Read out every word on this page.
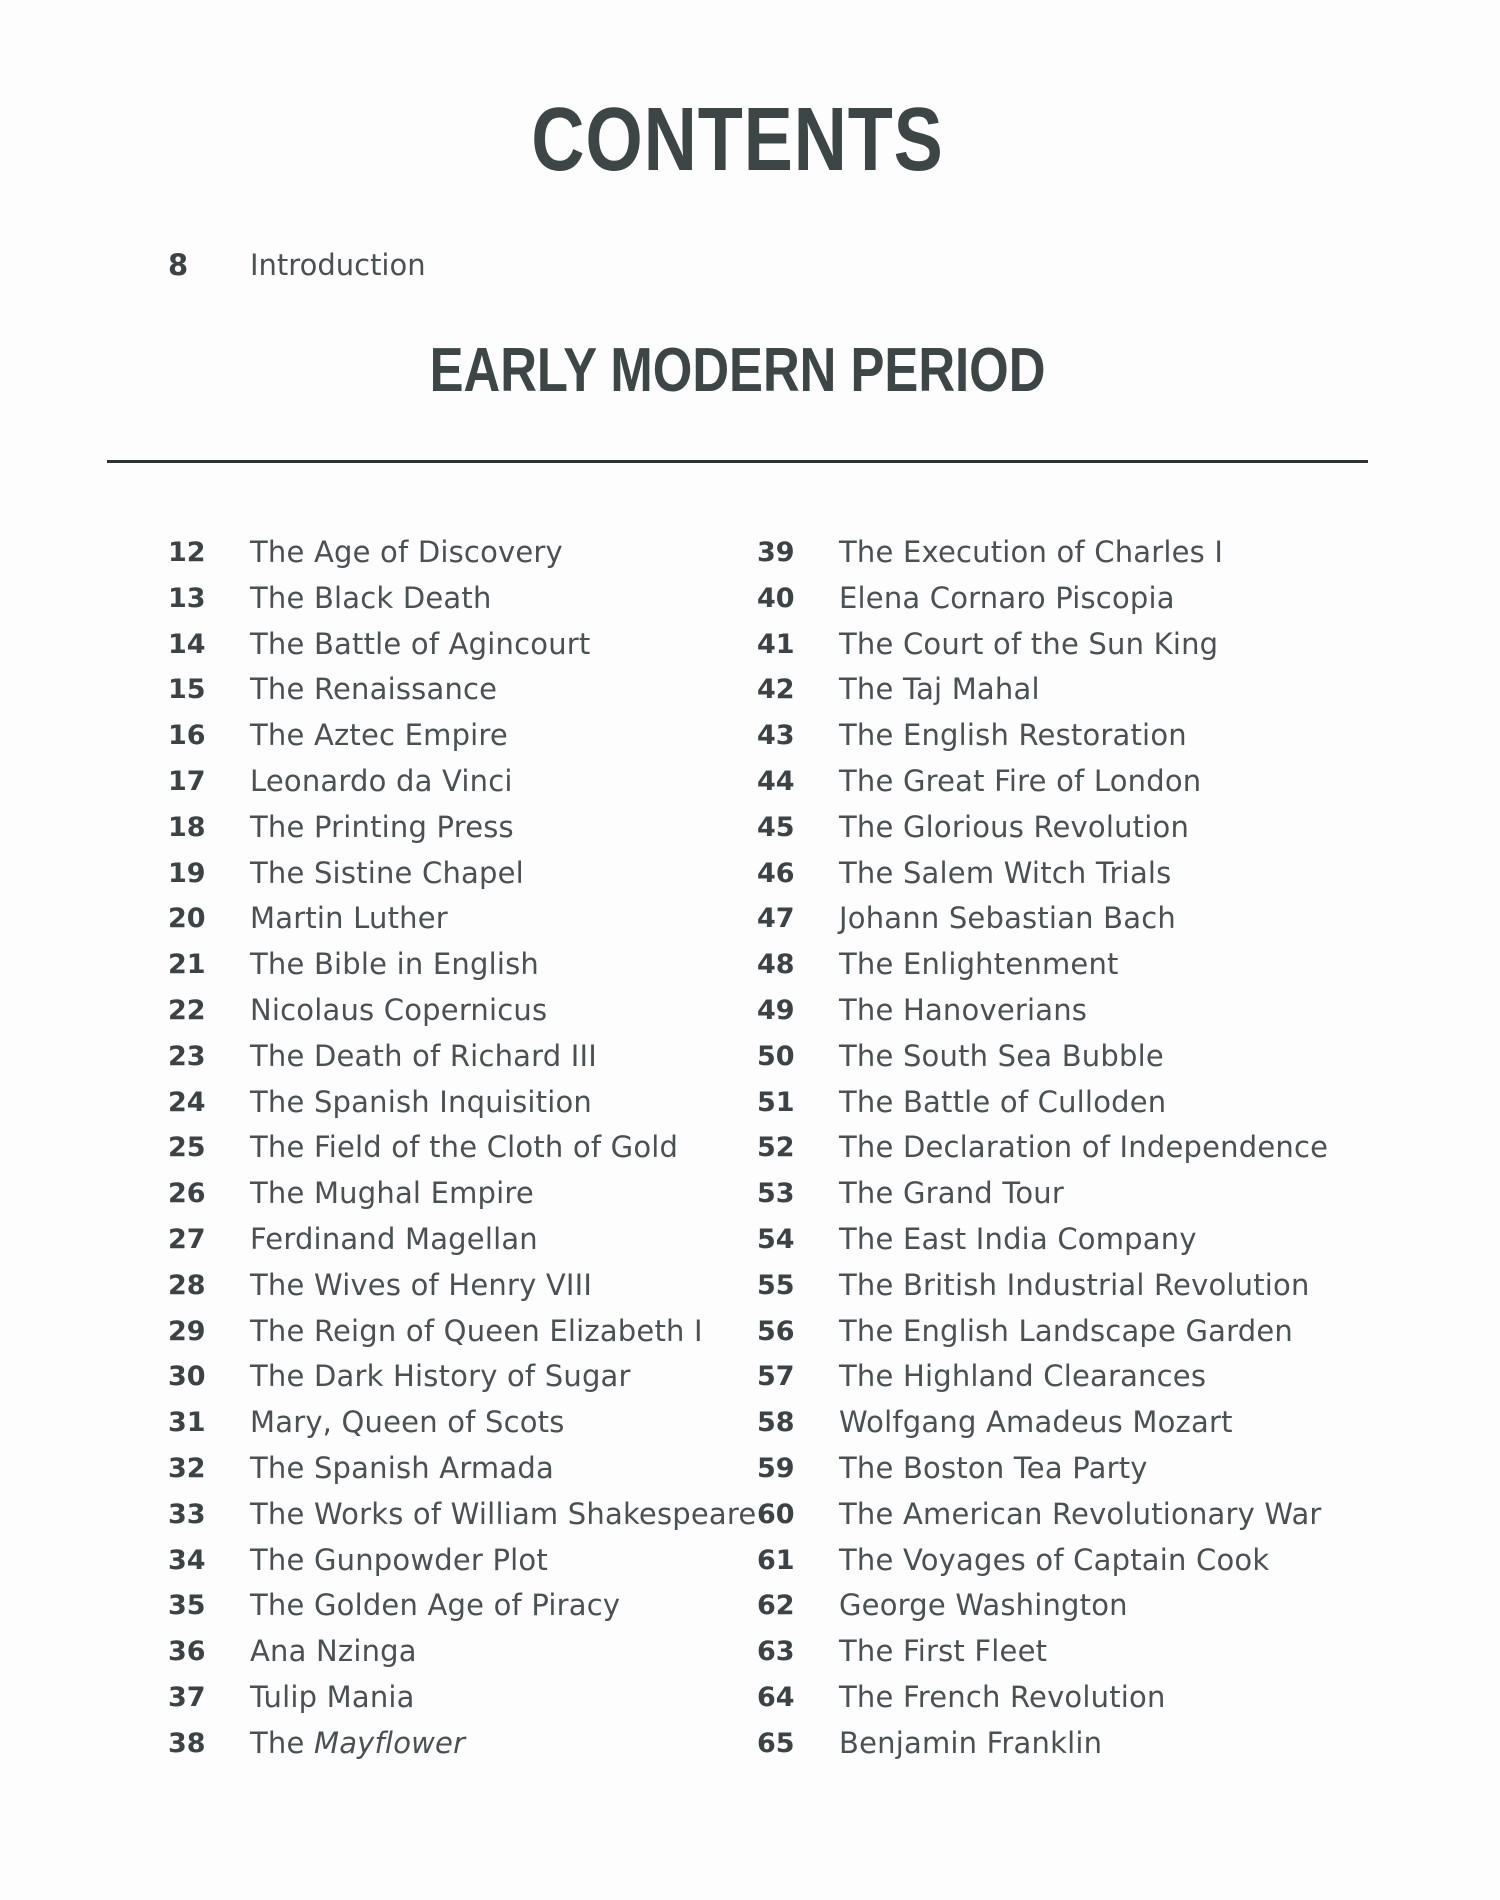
CONTENTS
8	Introduction
EARLY MODERN PERIOD
12	The Age of Discovery
13	The Black Death
14	The Battle of Agincourt
15	The Renaissance
16	The Aztec Empire
17	Leonardo da Vinci
18	The Printing Press
19	The Sistine Chapel
20	Martin Luther
21	The Bible in English
22	Nicolaus Copernicus
23	The Death of Richard III
24	The Spanish Inquisition
25	The Field of the Cloth of Gold
26	The Mughal Empire
27	Ferdinand Magellan
28	The Wives of Henry VIII
29	The Reign of Queen Elizabeth I
30	The Dark History of Sugar
31	Mary, Queen of Scots
32	The Spanish Armada
33	The Works of William Shakespeare
34	The Gunpowder Plot
35	The Golden Age of Piracy
36	Ana Nzinga
37	Tulip Mania
38	The Mayflower
39	The Execution of Charles I
40	Elena Cornaro Piscopia
41	The Court of the Sun King
42	The Taj Mahal
43	The English Restoration
44	The Great Fire of London
45	The Glorious Revolution
46	The Salem Witch Trials
47	Johann Sebastian Bach
48	The Enlightenment
49	The Hanoverians
50	The South Sea Bubble
51	The Battle of Culloden
52	The Declaration of Independence
53	The Grand Tour
54	The East India Company
55	The British Industrial Revolution
56	The English Landscape Garden
57	The Highland Clearances
58	Wolfgang Amadeus Mozart
59	The Boston Tea Party
60	The American Revolutionary War
61	The Voyages of Captain Cook
62	George Washington
63	The First Fleet
64	The French Revolution
65	Benjamin Franklin
